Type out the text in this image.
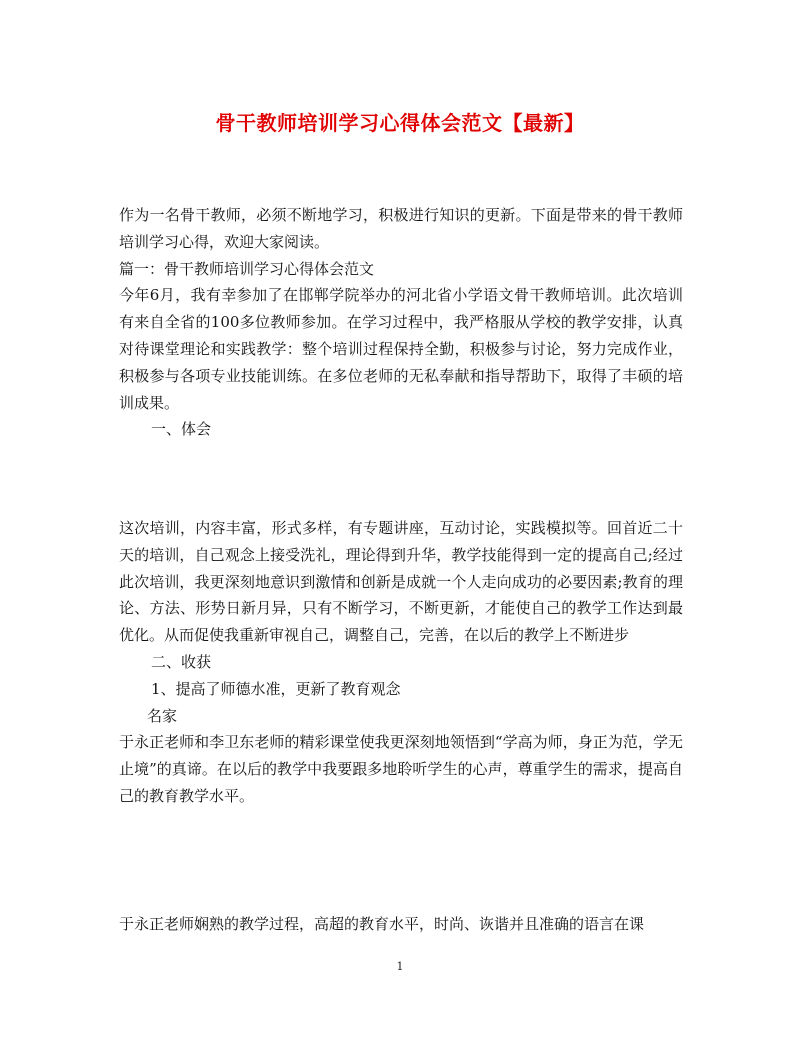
骨干教师培训学习心得体会范文【最新】

作为一名骨干教师，必须不断地学习，积极进行知识的更新。下面是带来的骨干教师培训学习心得，欢迎大家阅读。

篇一：骨干教师培训学习心得体会范文

今年6月，我有幸参加了在邯郸学院举办的河北省小学语文骨干教师培训。此次培训有来自全省的100多位教师参加。在学习过程中，我严格服从学校的教学安排，认真对待课堂理论和实践教学：整个培训过程保持全勤，积极参与讨论，努力完成作业，积极参与各项专业技能训练。在多位老师的无私奉献和指导帮助下，取得了丰硕的培训成果。

一、体会

这次培训，内容丰富，形式多样，有专题讲座，互动讨论，实践模拟等。回首近二十天的培训，自己观念上接受洗礼，理论得到升华，教学技能得到一定的提高自己;经过此次培训，我更深刻地意识到激情和创新是成就一个人走向成功的必要因素;教育的理论、方法、形势日新月异，只有不断学习，不断更新，才能使自己的教学工作达到最优化。从而促使我重新审视自己，调整自己，完善，在以后的教学上不断进步

二、收获

1、提高了师德水准，更新了教育观念

名家

于永正老师和李卫东老师的精彩课堂使我更深刻地领悟到“学高为师，身正为范，学无止境”的真谛。在以后的教学中我要跟多地聆听学生的心声，尊重学生的需求，提高自己的教育教学水平。

于永正老师娴熟的教学过程，高超的教育水平，时尚、诙谐并且准确的语言在课

1
